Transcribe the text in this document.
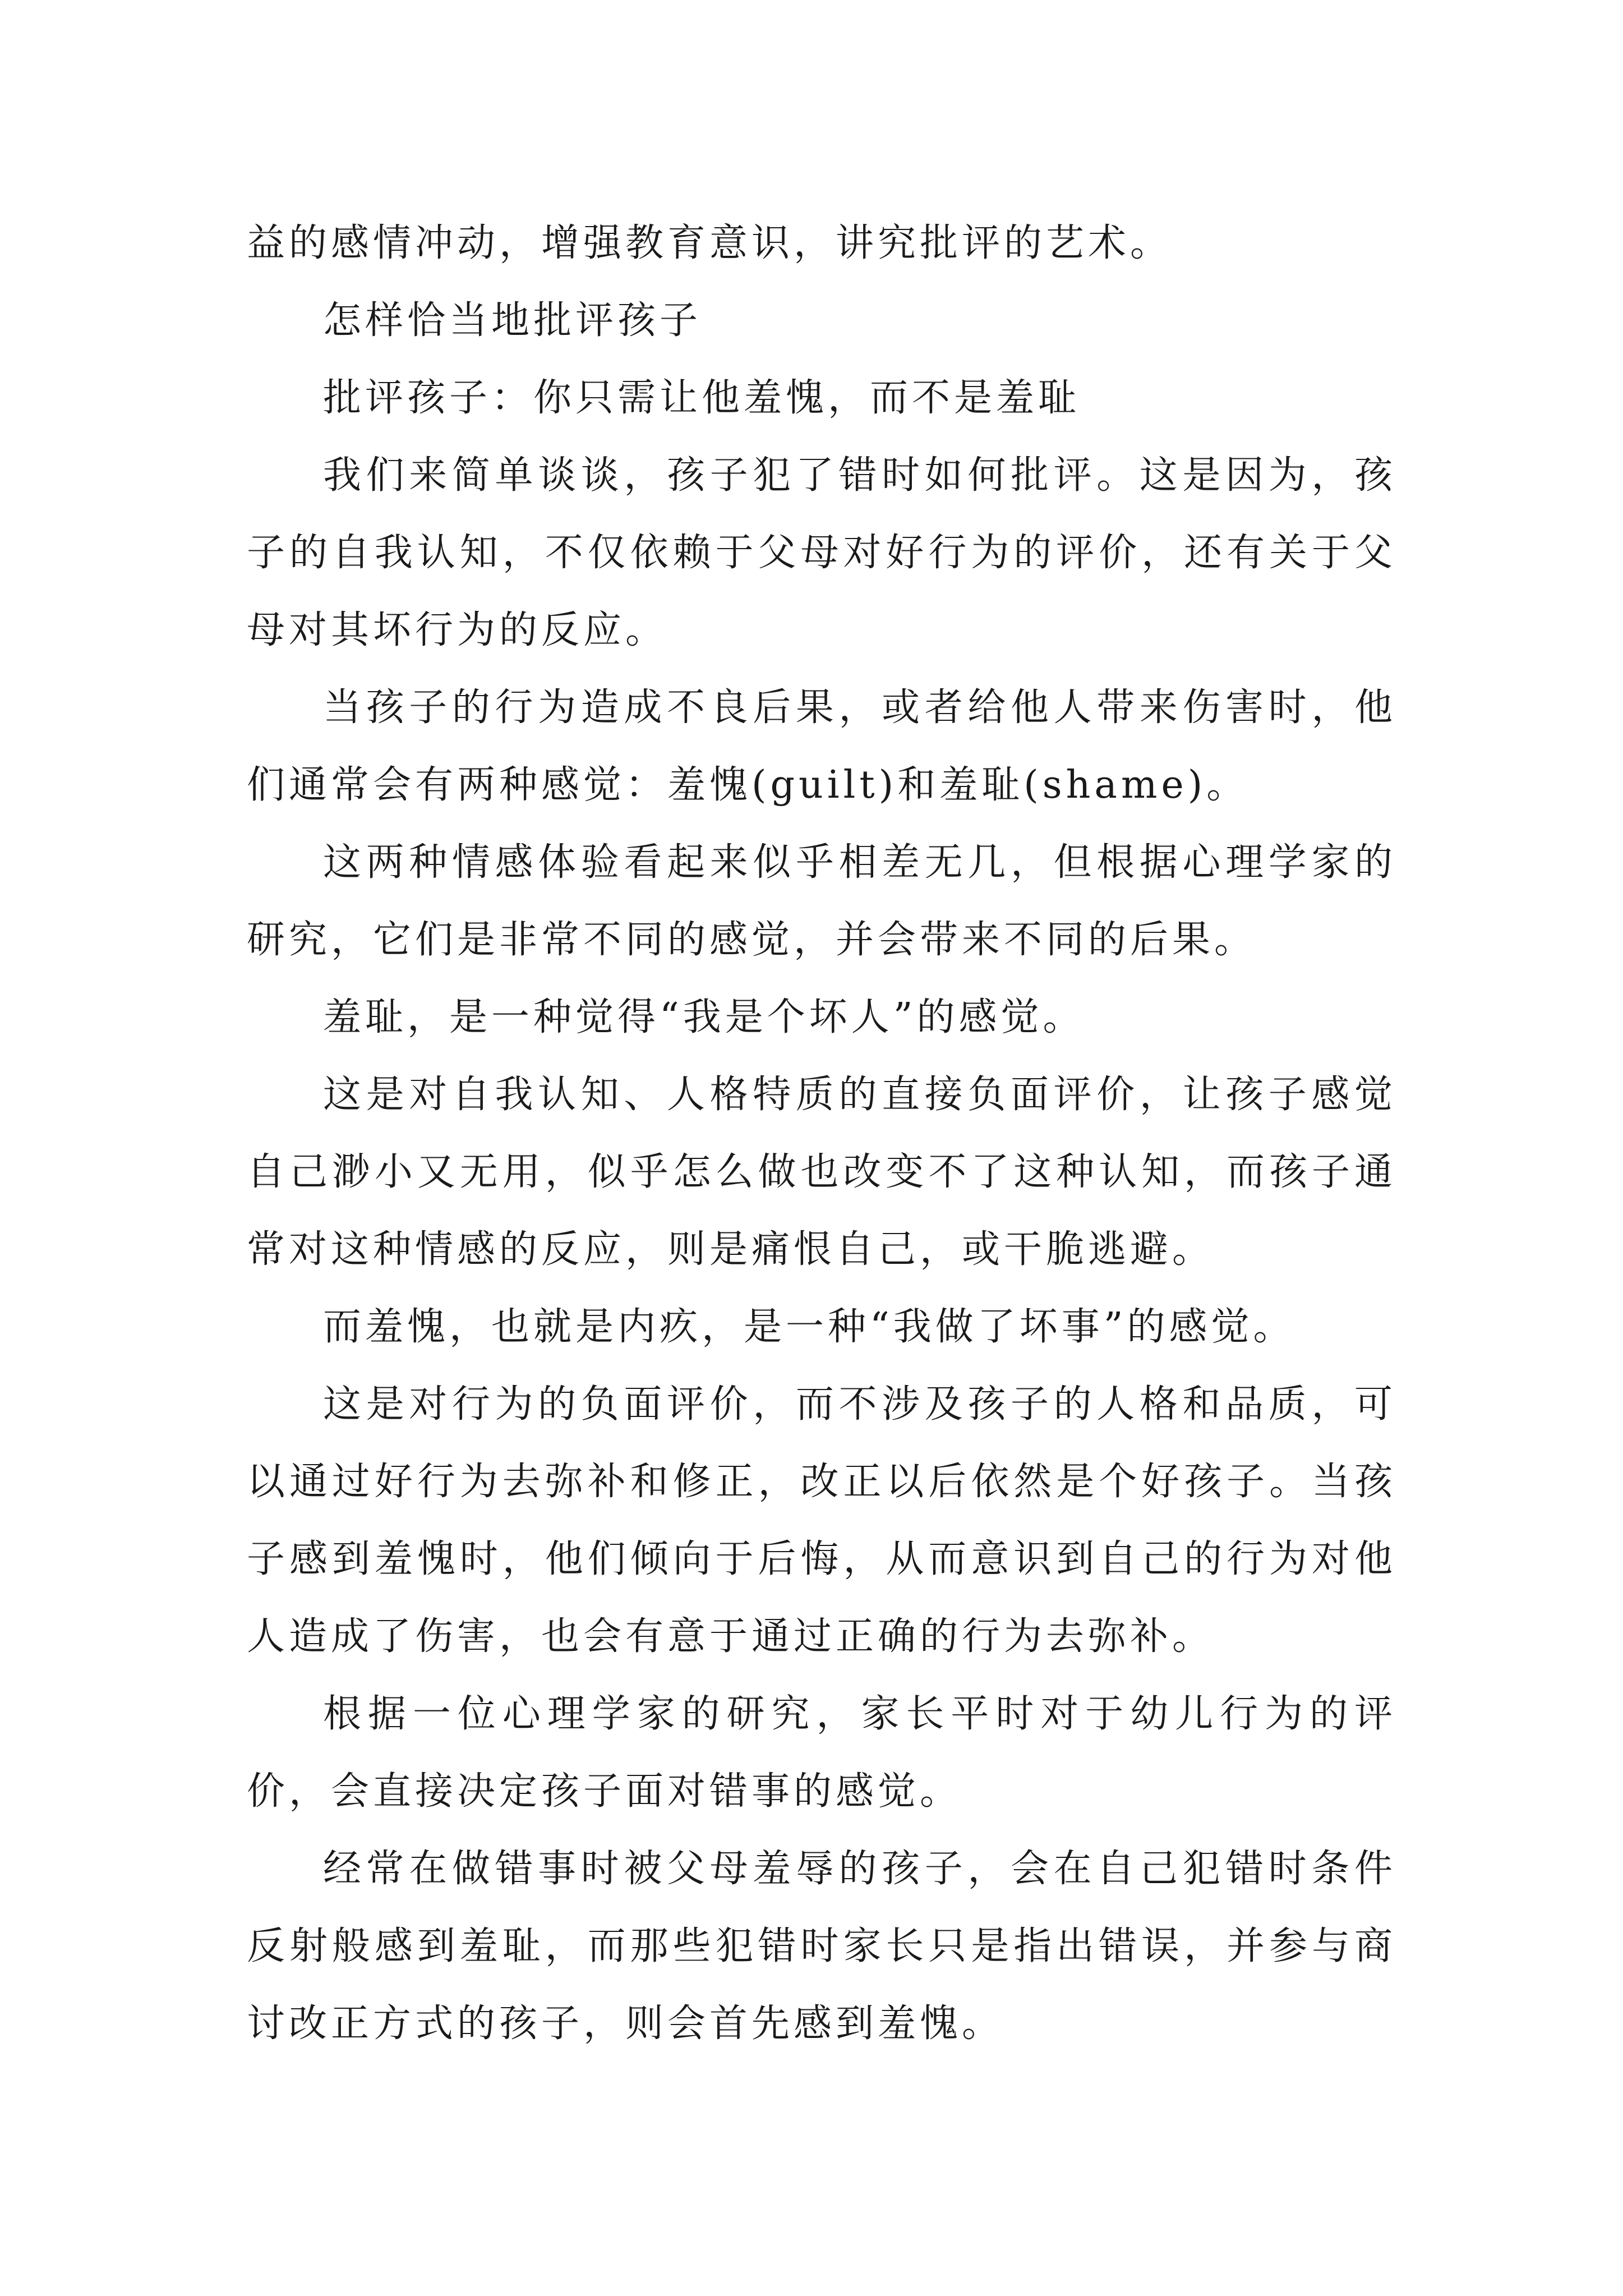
益的感情冲动，增强教育意识，讲究批评的艺术。

怎样恰当地批评孩子

批评孩子：你只需让他羞愧，而不是羞耻

我们来简单谈谈，孩子犯了错时如何批评。这是因为，孩子的自我认知，不仅依赖于父母对好行为的评价，还有关于父母对其坏行为的反应。

当孩子的行为造成不良后果，或者给他人带来伤害时，他们通常会有两种感觉：羞愧(guilt)和羞耻(shame)。

这两种情感体验看起来似乎相差无几，但根据心理学家的研究，它们是非常不同的感觉，并会带来不同的后果。

羞耻，是一种觉得“我是个坏人”的感觉。

这是对自我认知、人格特质的直接负面评价，让孩子感觉自己渺小又无用，似乎怎么做也改变不了这种认知，而孩子通常对这种情感的反应，则是痛恨自己，或干脆逃避。

而羞愧，也就是内疚，是一种“我做了坏事”的感觉。

这是对行为的负面评价，而不涉及孩子的人格和品质，可以通过好行为去弥补和修正，改正以后依然是个好孩子。当孩子感到羞愧时，他们倾向于后悔，从而意识到自己的行为对他人造成了伤害，也会有意于通过正确的行为去弥补。

根据一位心理学家的研究，家长平时对于幼儿行为的评价，会直接决定孩子面对错事的感觉。

经常在做错事时被父母羞辱的孩子，会在自己犯错时条件反射般感到羞耻，而那些犯错时家长只是指出错误，并参与商讨改正方式的孩子，则会首先感到羞愧。
